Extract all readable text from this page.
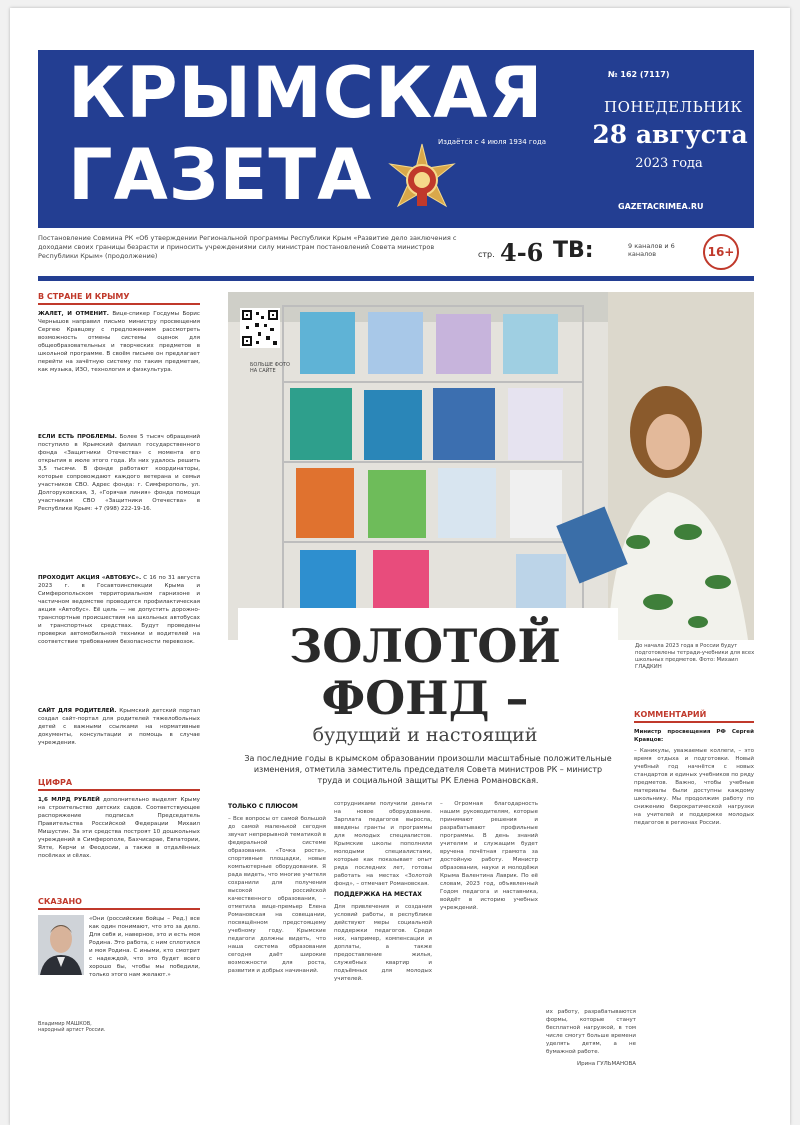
КРЫМСКАЯ
ГАЗЕТА
№ 162 (7117)
Издаётся с 4 июля 1934 года
ПОНЕДЕЛЬНИК
28 августа
2023 года
GAZETACRIMEA.RU
Постановление Совмина РК «Об утверждении Региональной программы Республики Крым «Развитие дело заключения с доходами своих границы безрасти и приносить учреждениями силу министрам постановлений Совета министров Республики Крым» (продолжение)	стр. 4-6 ТВ:	9 каналов и 6 каналов	16+
В СТРАНЕ И КРЫМУ
ЖАЛЕТ, И ОТМЕНИТ. Вице-спикер Госдумы Борис Чернышов направил письмо министру просвещения Сергею Кравцову с предложением рассмотреть возможность отмены системы оценок для общеобразовательных и творческих предметов в школьной программе. В своём письме он предлагает перейти на зачётную систему по таким предметам, как музыка, ИЗО, технология и физкультура.
ЕСЛИ ЕСТЬ ПРОБЛЕМЫ. Более 5 тысяч обращений поступило в Крымский филиал государственного фонда «Защитники Отечества» с момента его открытия в июле этого года. Из них удалось решить 3,5 тысячи. В фонде работают координаторы, которые сопровождают каждого ветерана и семьи участников СВО. Адрес фонда: г. Симферополь, ул. Долгоруковская, 3, «Горячая линия» фонда помощи участникам СВО «Защитники Отечества» в Республике Крым: +7 (998) 222-19-16.
ПРОХОДИТ АКЦИЯ «АВТОБУС». С 16 по 31 августа 2023 г. в Госавтоинспекции Крыма и Симферопольском территориальном гарнизоне и частичном ведомстве проводится профилактическая акция «Автобус». Её цель — не допустить дорожно-транспортные происшествия на школьных автобусах и транспортных средствах. Будут проведены проверки автомобильной техники и водителей на соответствие требованиям безопасности перевозок.
САЙТ ДЛЯ РОДИТЕЛЕЙ. Крымский детский портал создал сайт-портал для родителей тяжелобольных детей с важными ссылками на нормативные документы, консультации и помощь в случае учреждения.
ЦИФРА
1,6 МЛРД РУБЛЕЙ дополнительно выделят Крыму на строительство детских садов. Соответствующее распоряжение подписал Председатель Правительства Российской Федерации Михаил Мишустин. За эти средства построят 10 дошкольных учреждений в Симферополе, Бахчисарае, Евпатории, Ялте, Керчи и Феодосии, а также в отдалённых посёлках и сёлах.
СКАЗАНО
«Они (российские бойцы – Ред.) все как один понимают, что это за дело. Для себя и, наверное, это и есть моя Родина. Это работа, с ним сплотился и моя Родина. С иными, кто смотрит с надеждой, что это будет всего хорошо бы, чтобы мы победили, только этого нам желают.»
Владимир МАШКОВ,
народный артист России.
БОЛЬШЕ ФОТО НА САЙТЕ
До начала 2023 года в России будут подготовлены тетради-учебники для всех школьных предметов. Фото: Михаил ГЛАДКИН
ЗОЛОТОЙ
ФОНД –
будущий и настоящий
За последние годы в крымском образовании произошли масштабные положительные изменения, отметила заместитель председателя Совета министров РК – министр труда и социальной защиты РК Елена Романовская.
ТОЛЬКО С ПЛЮСОМ
– Все вопросы от самой большой до самой маленькой сегодня звучат непрерывной тематикой в федеральной системе образования. «Точка роста», спортивные площадки, новые компьютерные оборудования. Я рада видеть, что многие учителя сохранили для получения высокой российской качественного образования, – отметила вице-премьер Елена Романовская на совещании, посвящённом предстоящему учебному году. Крымские педагоги должны видеть, что наша система образования сегодня даёт широкие возможности для роста, развития и добрых начинаний.
сотрудниками получили деньги на новое оборудование. Зарплата педагогов выросла, введены гранты и программы для молодых специалистов. Крымские школы пополнили молодыми специалистами, которые как показывает опыт ряда последних лет, готовы работать на местах «Золотой фонд», – отмечает Романовская.
ПОДДЕРЖКА НА МЕСТАХ
Для привлечения и создания условий работы, в республике действуют меры социальной поддержки педагогов. Среди них, например, компенсации и доплаты, а также предоставление жилья, служебных квартир и подъёмных для молодых учителей.
– Огромная благодарность нашим руководителям, которые принимают решения и разрабатывают профильные программы. В день знаний учителям и служащим будет вручена почётная грамота за достойную работу. Министр образования, науки и молодёжи Крыма Валентина Лаврик. По её словам, 2023 год, объявленный Годом педагога и наставника, войдёт в историю учебных учреждений.
их работу, разрабатываются формы, которые станут бесплатной нагрузкой, в том числе смогут больше времени уделять детям, а не бумажной работе.
Ирина ГУЛЬМАНОВА
КОММЕНТАРИЙ
Министр просвещения РФ Сергей Кравцов:
– Каникулы, уважаемые коллеги, – это время отдыха и подготовки. Новый учебный год начнётся с новых стандартов и единых учебников по ряду предметов. Важно, чтобы учебные материалы были доступны каждому школьнику. Мы продолжим работу по снижению бюрократической нагрузки на учителей и поддержке молодых педагогов в регионах России.
